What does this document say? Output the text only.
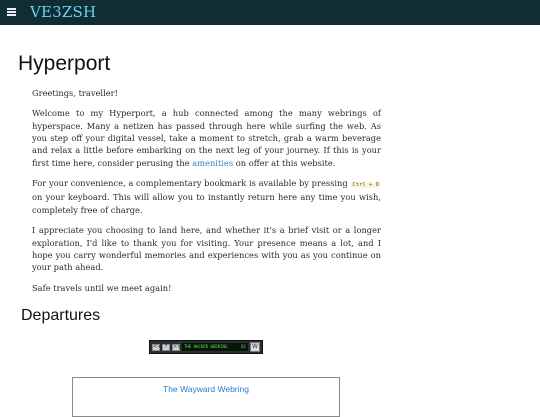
VE3ZSH
Hyperport

Greetings, traveller!

Welcome to my Hyperport, a hub connected among the many webrings of hyperspace. Many a netizen has passed through here while surfing the web. As you step off your digital vessel, take a moment to stretch, grab a warm beverage and relax a little before embarking on the next leg of your journey. If this is your first time here, consider perusing the amenities on offer at this website.

For your convenience, a complementary bookmark is available by pressing Ctrl + D on your keyboard. This will allow you to instantly return here any time you wish, completely free of charge.

I appreciate you choosing to land here, and whether it's a brief visit or a longer exploration, I'd like to thank you for visiting. Your presence means a lot, and I hope you carry wonderful memories and experiences with you as you continue on your path ahead.

Safe travels until we meet again!

Departures
<< ?	>> THE HACKER WEBRING	01	W
The Wayward Webring
